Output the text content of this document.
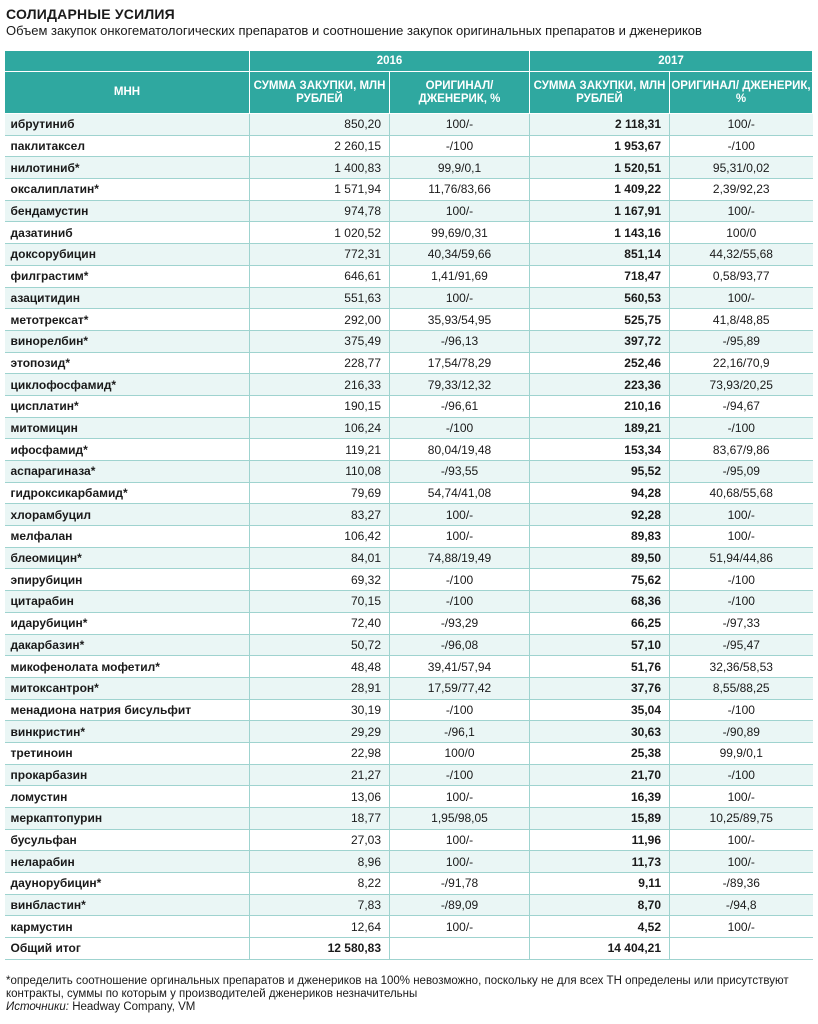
СОЛИДАРНЫЕ УСИЛИЯ
Объем закупок онкогематологических препаратов и соотношение закупок оригинальных препаратов и дженериков
	2016		2017	
МНН	СУММА ЗАКУПКИ, МЛН РУБЛЕЙ	ОРИГИНАЛ/ ДЖЕНЕРИК, %	СУММА ЗАКУПКИ, МЛН РУБЛЕЙ	ОРИГИНАЛ/ ДЖЕНЕРИК, %
ибрутиниб	850,20	100/-	2 118,31	100/-
паклитаксел	2 260,15	-/100	1 953,67	-/100
нилотиниб*	1 400,83	99,9/0,1	1 520,51	95,31/0,02
оксалиплатин*	1 571,94	11,76/83,66	1 409,22	2,39/92,23
бендамустин	974,78	100/-	1 167,91	100/-
дазатиниб	1 020,52	99,69/0,31	1 143,16	100/0
доксорубицин	772,31	40,34/59,66	851,14	44,32/55,68
филграстим*	646,61	1,41/91,69	718,47	0,58/93,77
азацитидин	551,63	100/-	560,53	100/-
метотрексат*	292,00	35,93/54,95	525,75	41,8/48,85
винорелбин*	375,49	-/96,13	397,72	-/95,89
этопозид*	228,77	17,54/78,29	252,46	22,16/70,9
циклофосфамид*	216,33	79,33/12,32	223,36	73,93/20,25
цисплатин*	190,15	-/96,61	210,16	-/94,67
митомицин	106,24	-/100	189,21	-/100
ифосфамид*	119,21	80,04/19,48	153,34	83,67/9,86
аспарагиназа*	110,08	-/93,55	95,52	-/95,09
гидроксикарбамид*	79,69	54,74/41,08	94,28	40,68/55,68
хлорамбуцил	83,27	100/-	92,28	100/-
мелфалан	106,42	100/-	89,83	100/-
блеомицин*	84,01	74,88/19,49	89,50	51,94/44,86
эпирубицин	69,32	-/100	75,62	-/100
цитарабин	70,15	-/100	68,36	-/100
идарубицин*	72,40	-/93,29	66,25	-/97,33
дакарбазин*	50,72	-/96,08	57,10	-/95,47
микофенолата мофетил*	48,48	39,41/57,94	51,76	32,36/58,53
митоксантрон*	28,91	17,59/77,42	37,76	8,55/88,25
менадиона натрия бисульфит	30,19	-/100	35,04	-/100
винкристин*	29,29	-/96,1	30,63	-/90,89
третиноин	22,98	100/0	25,38	99,9/0,1
прокарбазин	21,27	-/100	21,70	-/100
ломустин	13,06	100/-	16,39	100/-
меркаптопурин	18,77	1,95/98,05	15,89	10,25/89,75
бусульфан	27,03	100/-	11,96	100/-
неларабин	8,96	100/-	11,73	100/-
даунорубицин*	8,22	-/91,78	9,11	-/89,36
винбластин*	7,83	-/89,09	8,70	-/94,8
кармустин	12,64	100/-	4,52	100/-
Общий итог	12 580,83		14 404,21	
*определить соотношение оргинальных препаратов и дженериков на 100% невозможно, поскольку не для всех ТН определены или присутствуют контракты, суммы по которым у производителей дженериков незначительны
Источники: Headway Company, VM
